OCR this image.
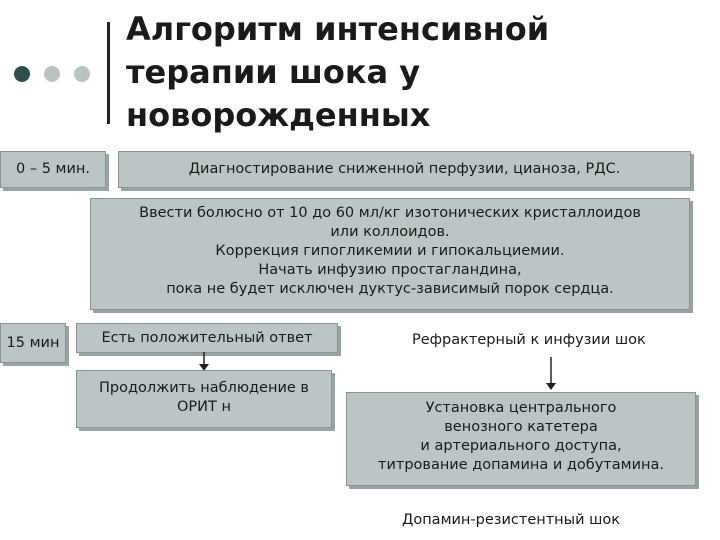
Алгоритм интенсивной
терапии шока у
новорожденных
0 – 5 мин.	Диагностирование сниженной перфузии, цианоза, РДС.
Ввести болюсно от 10 до 60 мл/кг изотонических кристаллоидов
или коллоидов.
Коррекция гипогликемии и гипокальциемии.
Начать инфузию простагландина,
пока не будет исключен дуктус-зависимый порок сердца.
15 мин	Есть положительный ответ	Рефрактерный к инфузии шок
Продолжить наблюдение в
ОРИТ н	Установка центрального
венозного катетера
и артериального доступа,
титрование допамина и добутамина.
Допамин-резистентный шок
